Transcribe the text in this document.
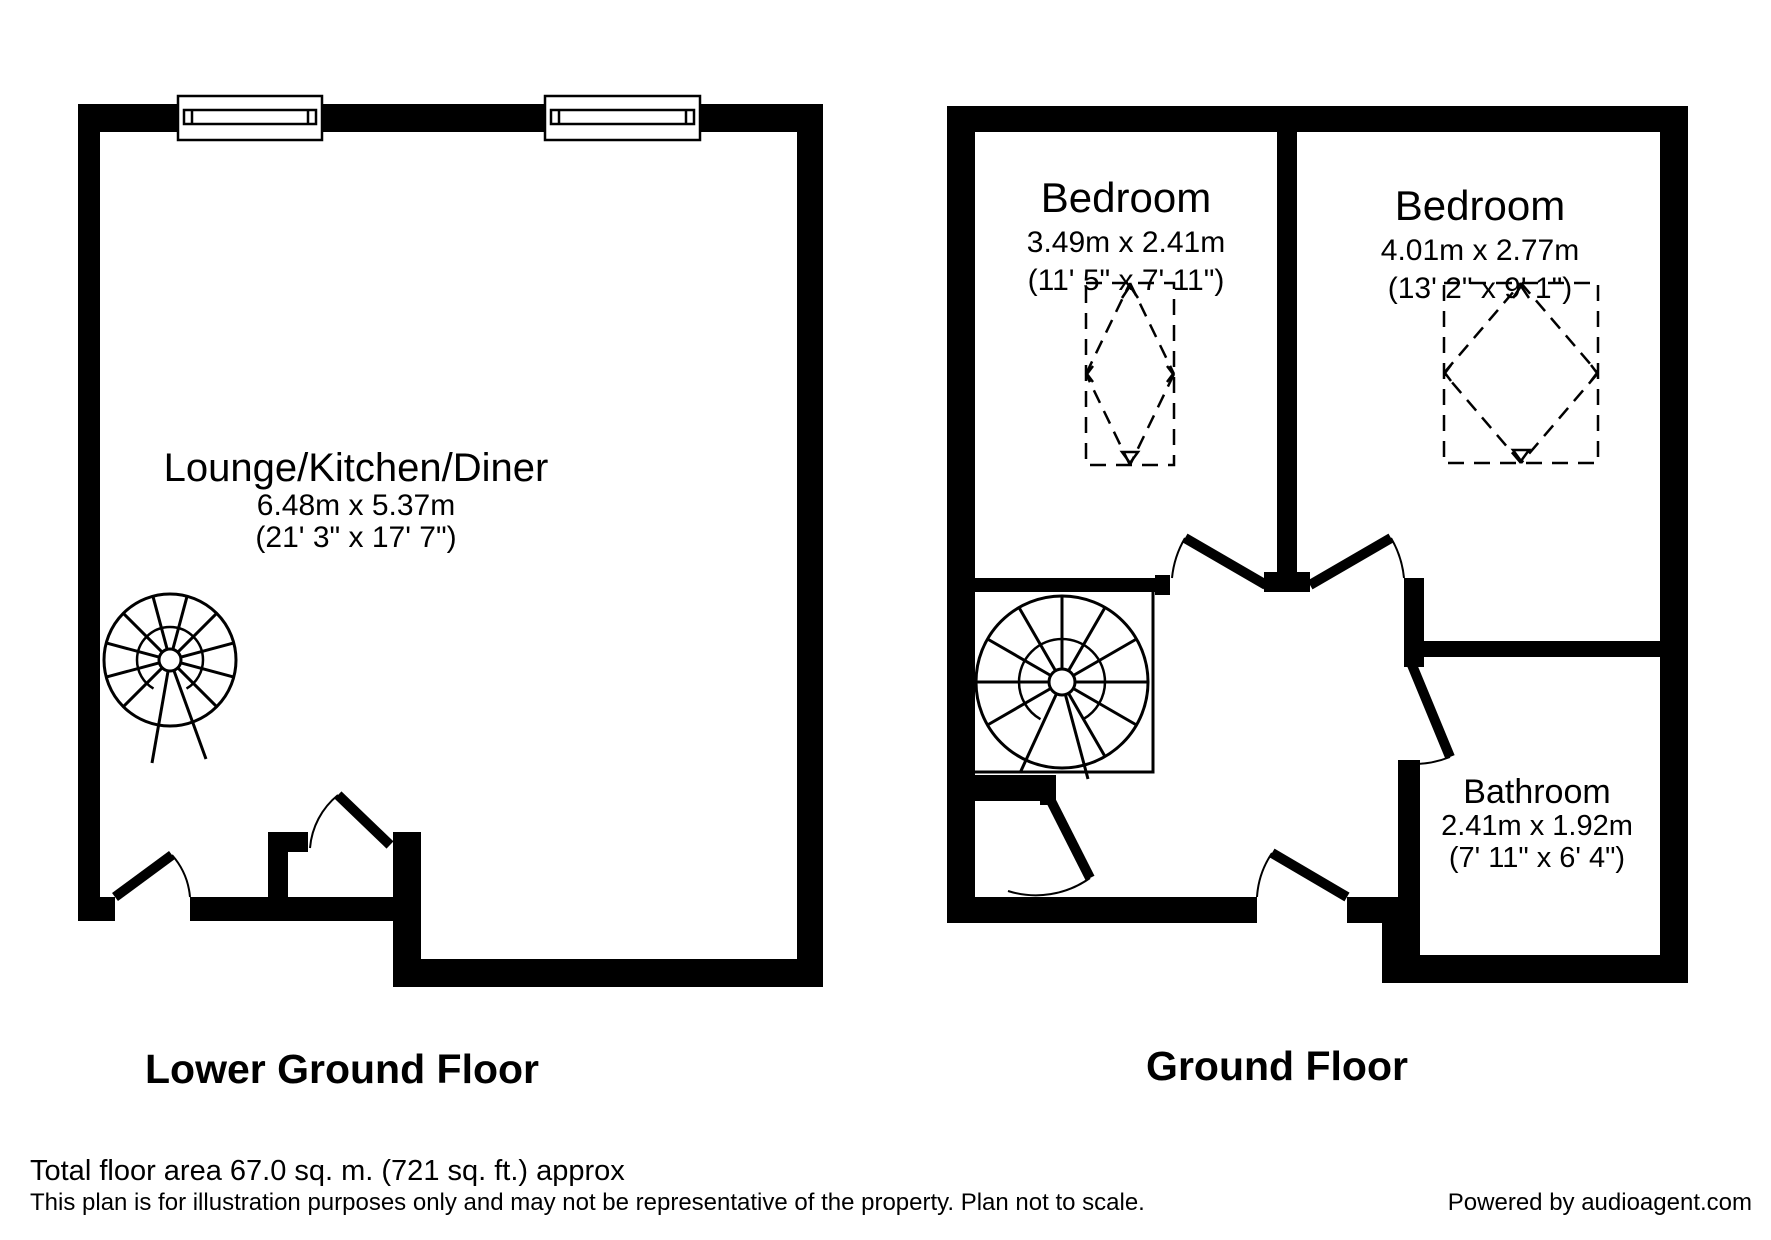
Lounge/Kitchen/Diner
6.48m x 5.37m
(21' 3" x 17' 7")
Lower Ground Floor
Bedroom
3.49m x 2.41m
(11' 5" x 7' 11")
Bedroom
4.01m x 2.77m
(13' 2" x 9' 1")
Bathroom
2.41m x 1.92m
(7' 11" x 6' 4")
Ground Floor
Total floor area 67.0 sq. m. (721 sq. ft.) approx
This plan is for illustration purposes only and may not be representative of the property. Plan not to scale.	Powered by audioagent.com
